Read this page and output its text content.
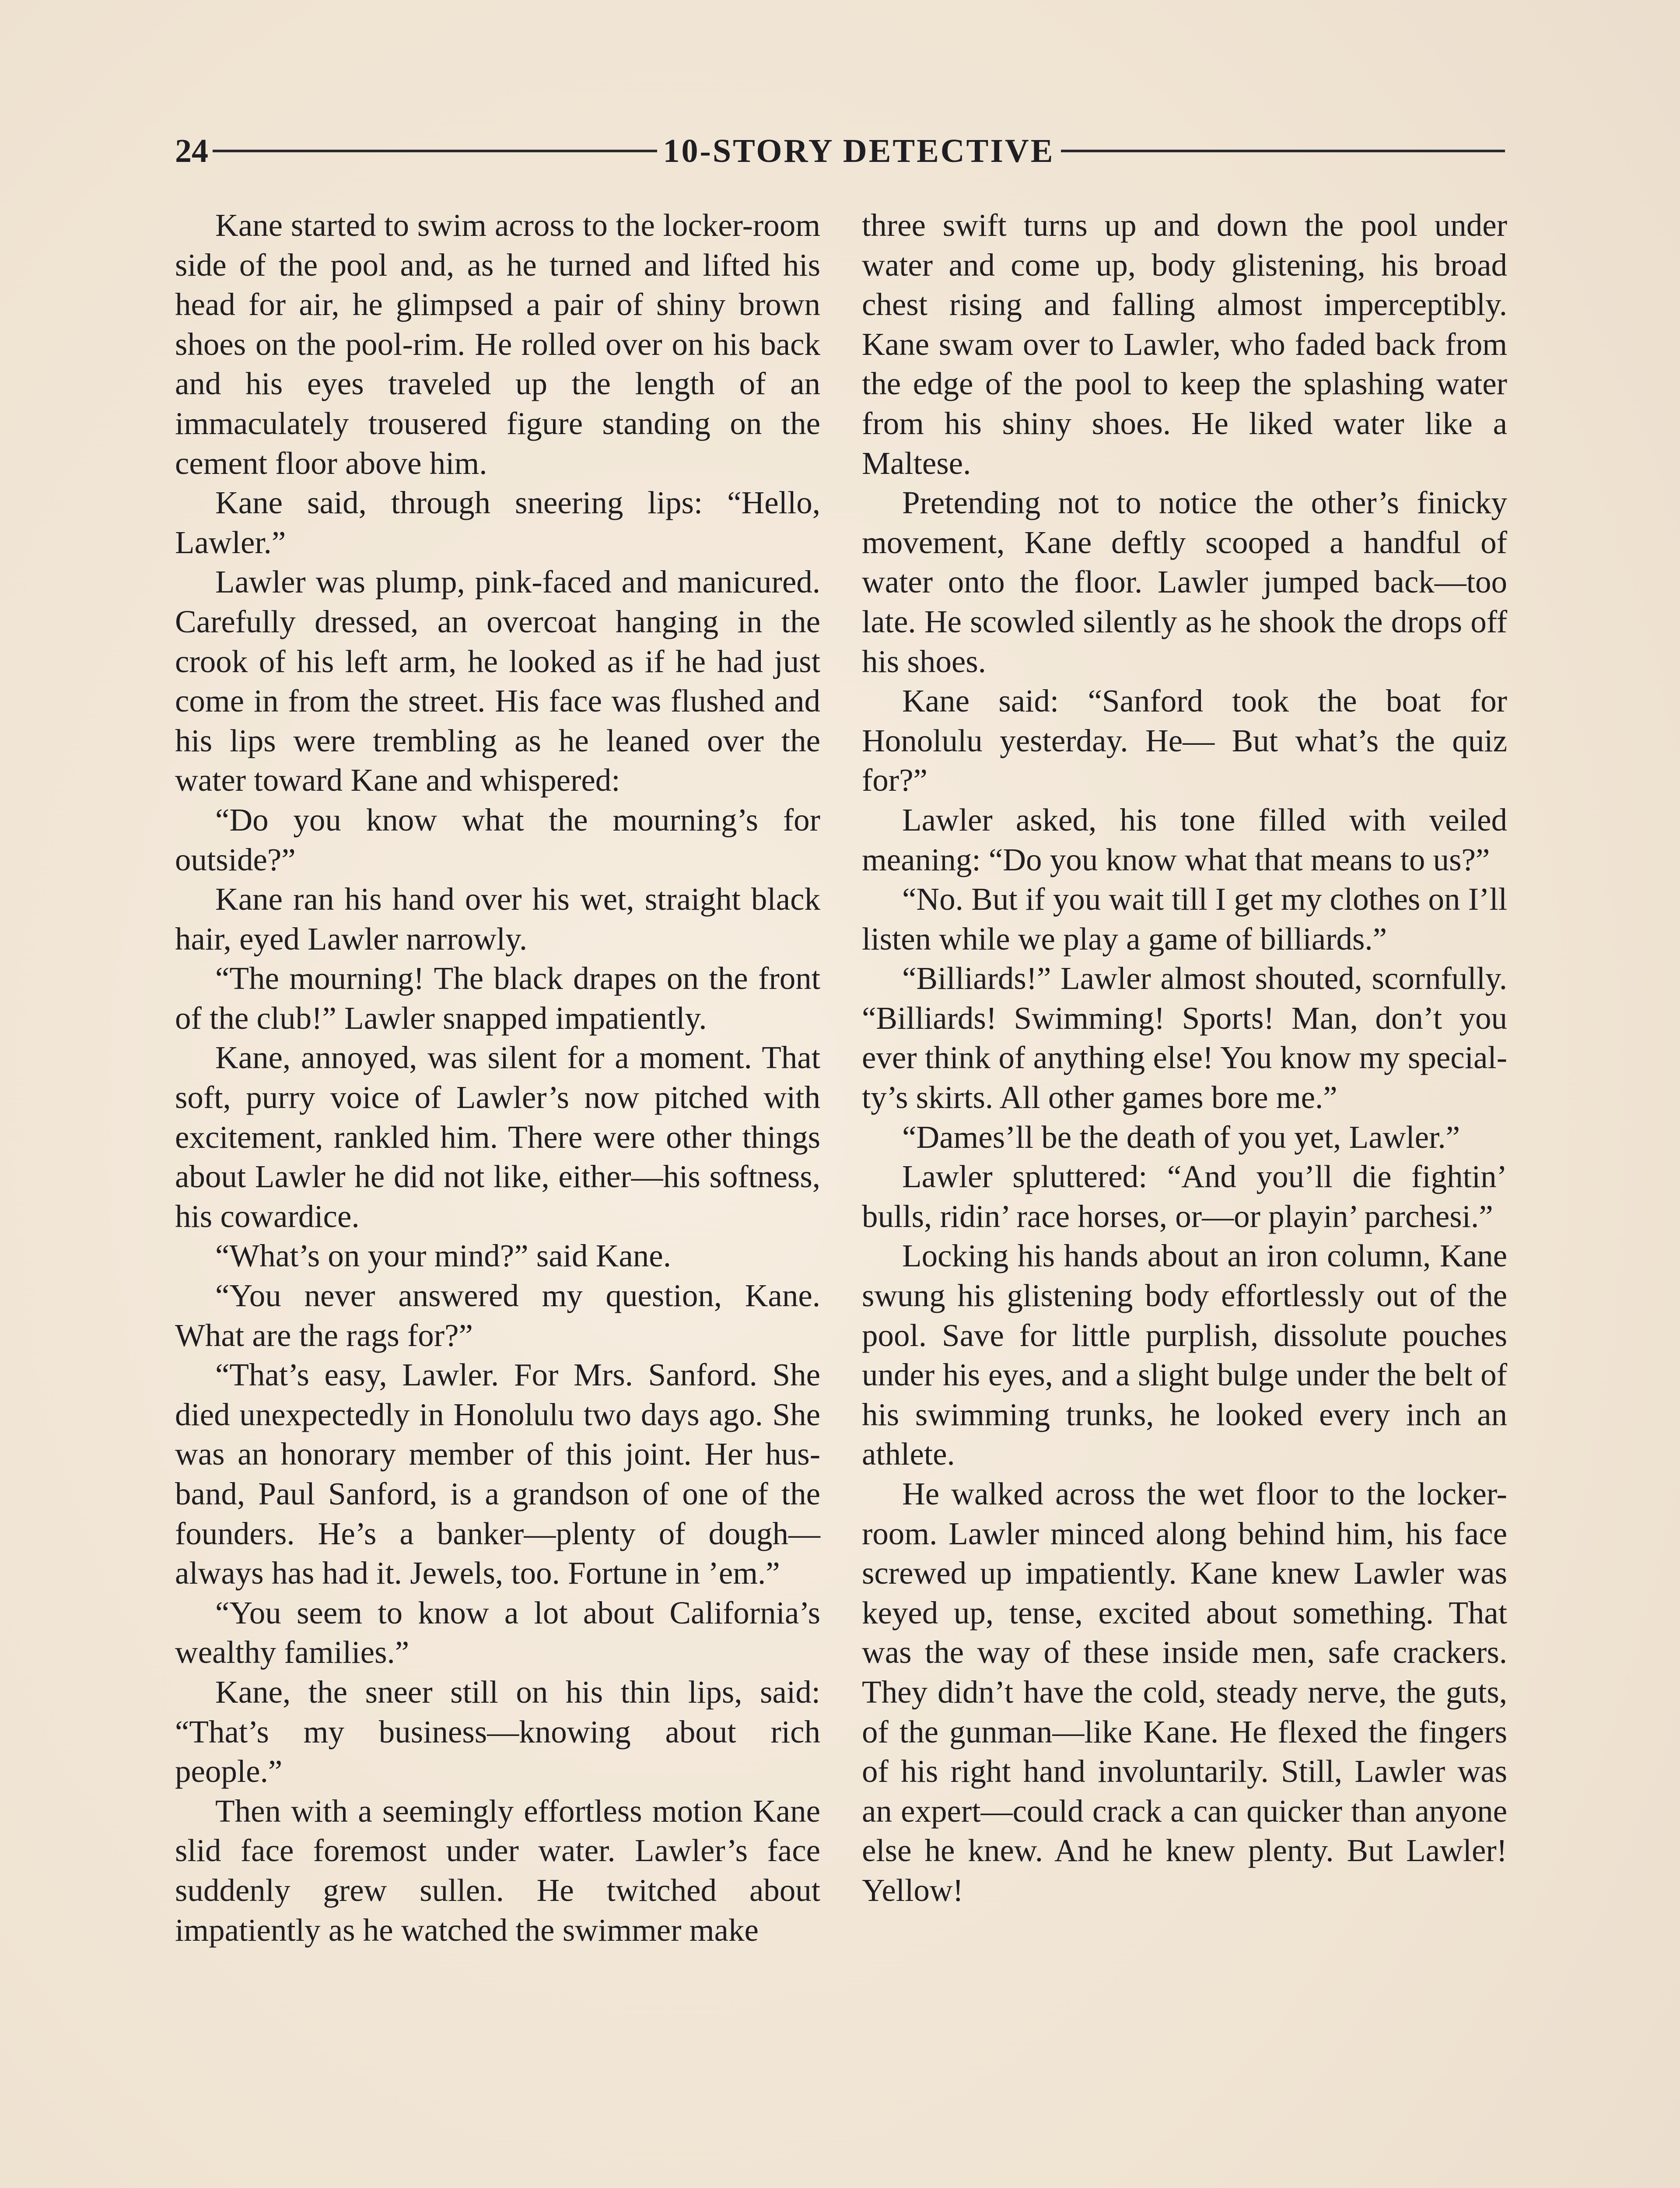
24	10-STORY DETECTIVE

Kane started to swim across to the locker-room side of the pool and, as he turned and lifted his head for air, he glimpsed a pair of shiny brown shoes on the pool-rim. He rolled over on his back and his eyes traveled up the length of an immaculately trousered figure standing on the cement floor above him.

Kane said, through sneering lips: “Hello, Lawler.”

Lawler was plump, pink-faced and manicured. Carefully dressed, an overcoat hanging in the crook of his left arm, he looked as if he had just come in from the street. His face was flushed and his lips were trembling as he leaned over the water toward Kane and whispered:

“Do you know what the mourning’s for outside?”

Kane ran his hand over his wet, straight black hair, eyed Lawler narrowly.

“The mourning! The black drapes on the front of the club!” Lawler snapped impatiently.

Kane, annoyed, was silent for a moment. That soft, purry voice of Lawler’s now pitched with excitement, rankled him. There were other things about Lawler he did not like, either—his softness, his cowardice.

“What’s on your mind?” said Kane.

“You never answered my question, Kane. What are the rags for?”

“That’s easy, Lawler. For Mrs. Sanford. She died unexpectedly in Honolulu two days ago. She was an honorary member of this joint. Her husband, Paul Sanford, is a grandson of one of the founders. He’s a banker—plenty of dough—always has had it. Jewels, too. Fortune in ’em.”

“You seem to know a lot about California’s wealthy families.”

Kane, the sneer still on his thin lips, said: “That’s my business—knowing about rich people.”

Then with a seemingly effortless motion Kane slid face foremost under water. Lawler’s face suddenly grew sullen. He twitched about impatiently as he watched the swimmer make

three swift turns up and down the pool under water and come up, body glistening, his broad chest rising and falling almost imperceptibly. Kane swam over to Lawler, who faded back from the edge of the pool to keep the splashing water from his shiny shoes. He liked water like a Maltese.

Pretending not to notice the other’s finicky movement, Kane deftly scooped a handful of water onto the floor. Lawler jumped back—too late. He scowled silently as he shook the drops off his shoes.

Kane said: “Sanford took the boat for Honolulu yesterday. He— But what’s the quiz for?”

Lawler asked, his tone filled with veiled meaning: “Do you know what that means to us?”

“No. But if you wait till I get my clothes on I’ll listen while we play a game of billiards.”

“Billiards!” Lawler almost shouted, scornfully. “Billiards! Swimming! Sports! Man, don’t you ever think of anything else! You know my specialty’s skirts. All other games bore me.”

“Dames’ll be the death of you yet, Lawler.”

Lawler spluttered: “And you’ll die fightin’ bulls, ridin’ race horses, or—or playin’ parchesi.”

Locking his hands about an iron column, Kane swung his glistening body effortlessly out of the pool. Save for little purplish, dissolute pouches under his eyes, and a slight bulge under the belt of his swimming trunks, he looked every inch an athlete.

He walked across the wet floor to the locker-room. Lawler minced along behind him, his face screwed up impatiently. Kane knew Lawler was keyed up, tense, excited about something. That was the way of these inside men, safe crackers. They didn’t have the cold, steady nerve, the guts, of the gunman—like Kane. He flexed the fingers of his right hand involuntarily. Still, Lawler was an expert—could crack a can quicker than anyone else he knew. And he knew plenty. But Lawler! Yellow!
